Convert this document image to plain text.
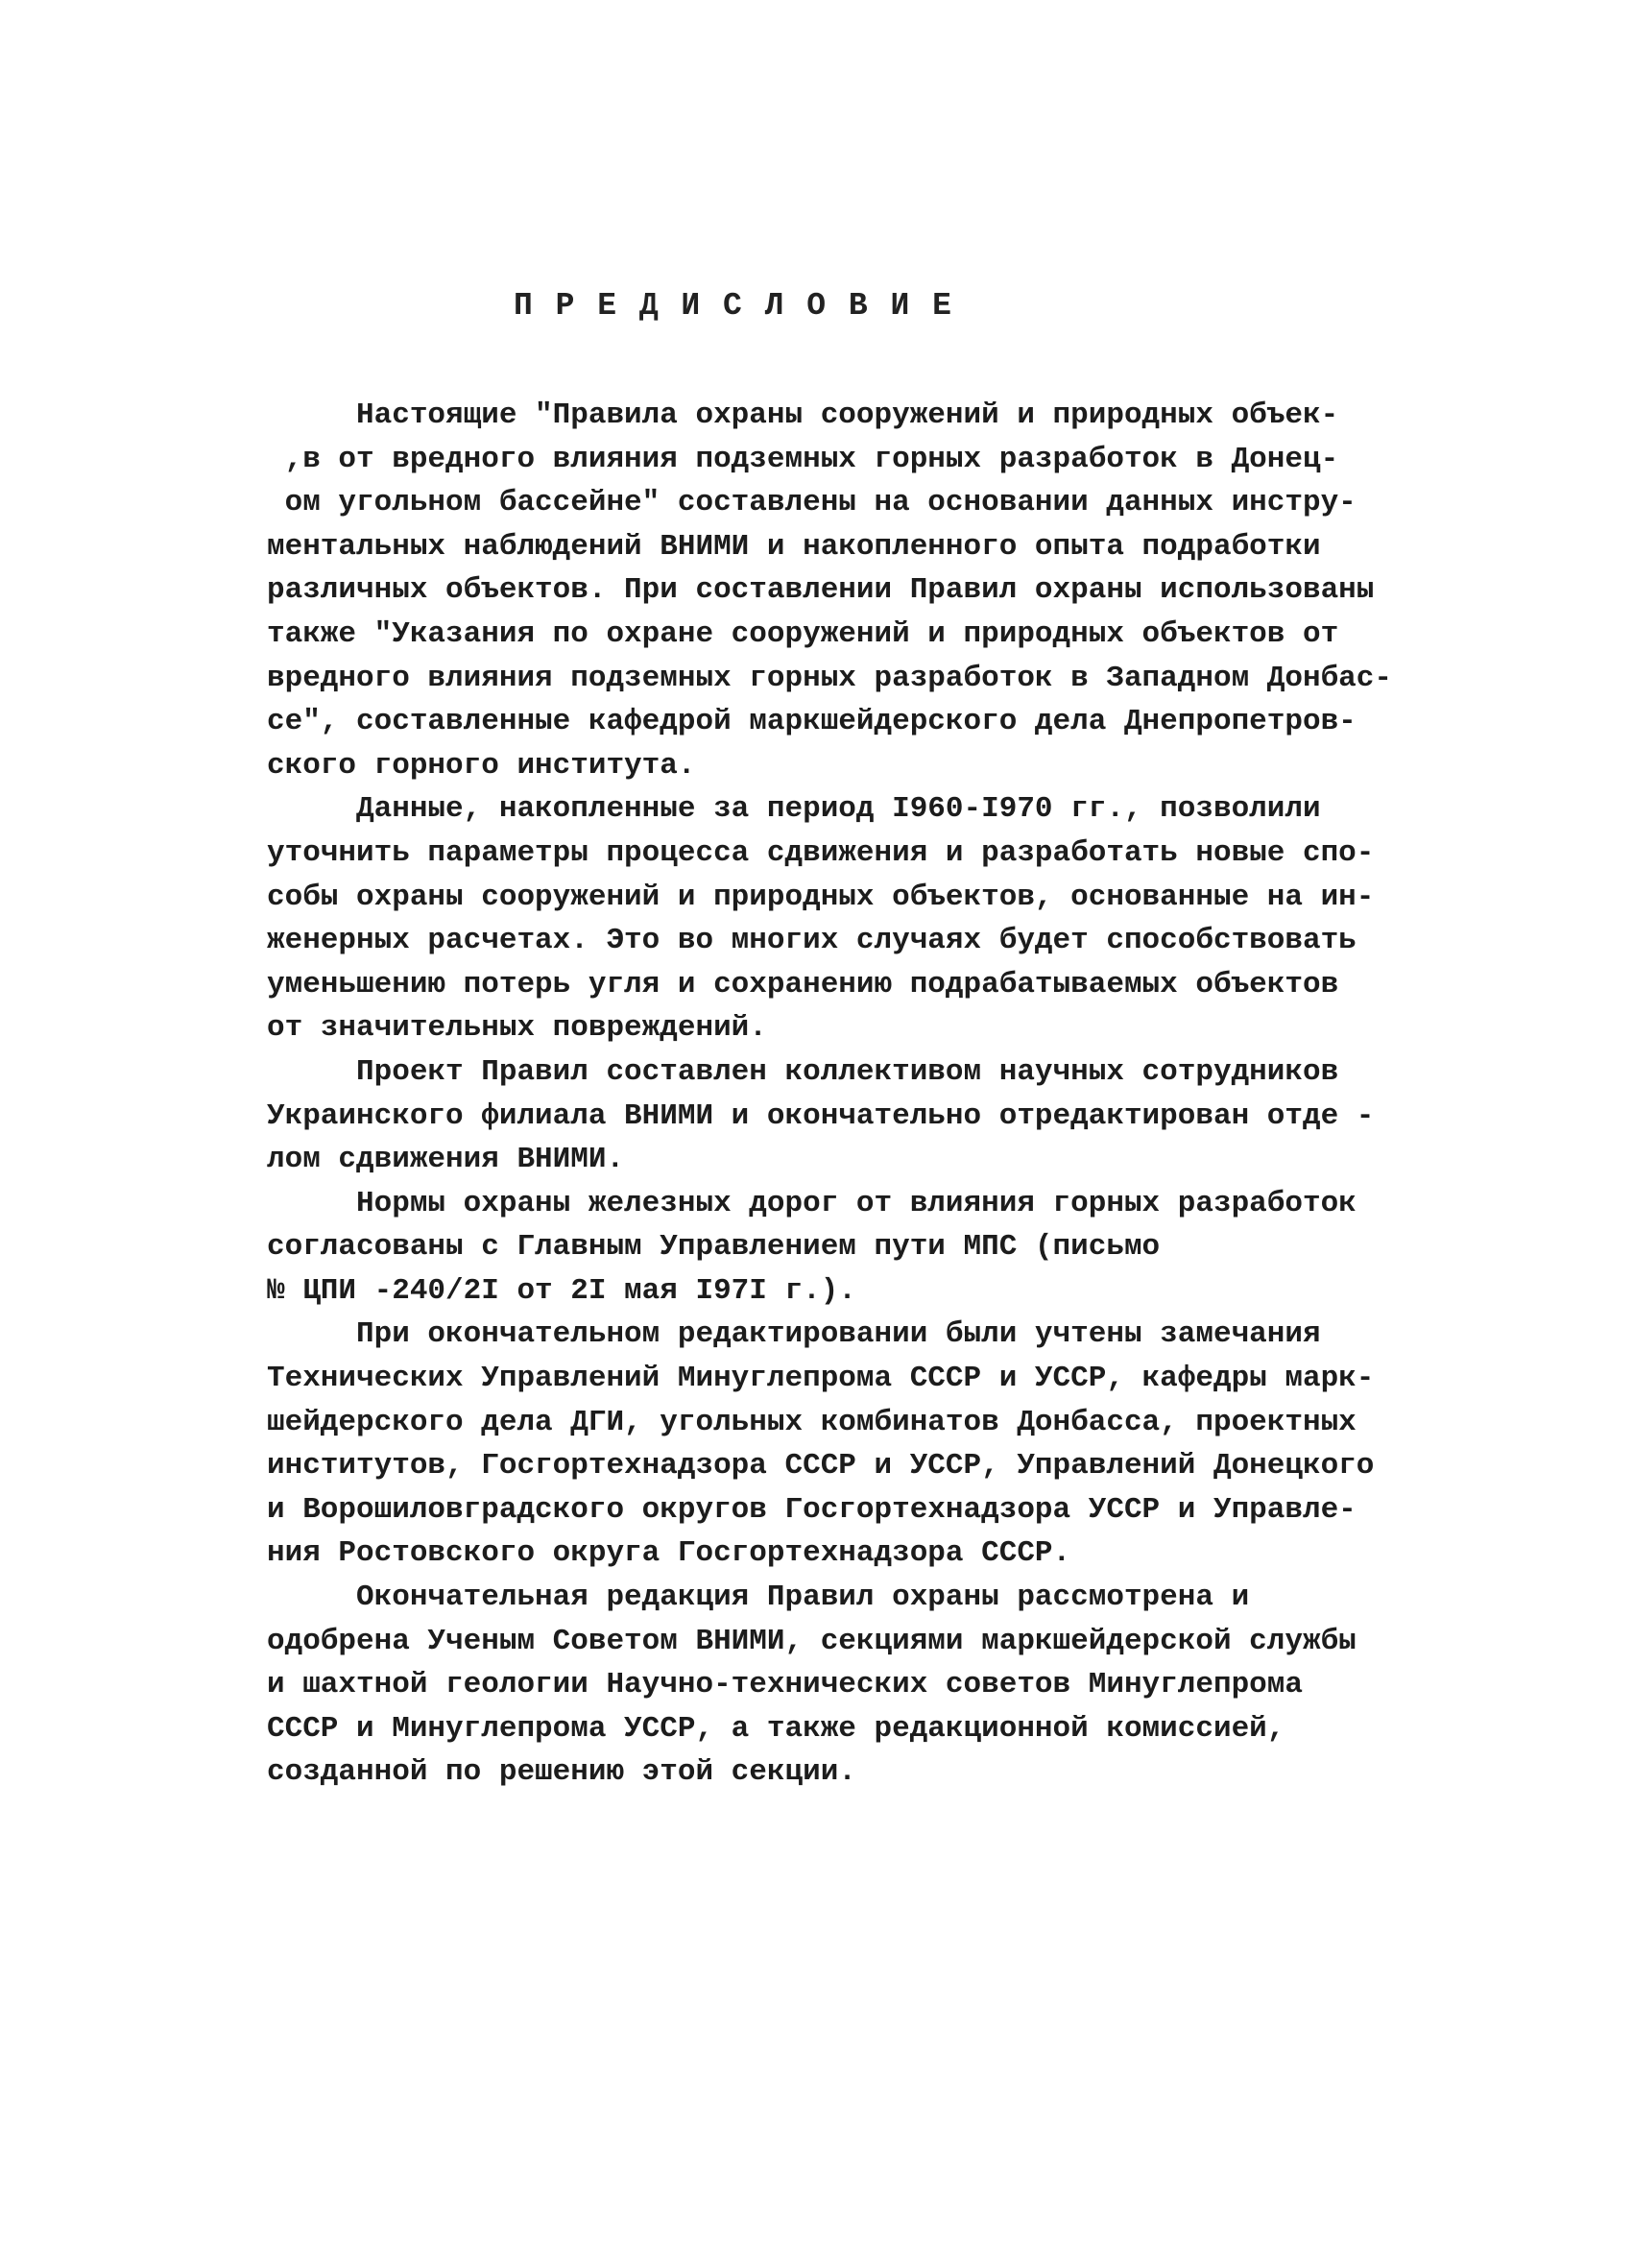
П Р Е Д И С Л О В И Е
Настоящие "Правила охраны сооружений и природных объек-
,в от вредного влияния подземных горных разработок в Донец-
ом угольном бассейне" составлены на основании данных инстру-
ментальных наблюдений ВНИМИ и накопленного опыта подработки
различных объектов. При составлении Правил охраны использованы
также "Указания по охране сооружений и природных объектов от
вредного влияния подземных горных разработок в Западном Донбас-
се", составленные кафедрой маркшейдерского дела Днепропетров-
ского горного института.
Данные, накопленные за период I960-I970 гг., позволили
уточнить параметры процесса сдвижения и разработать новые спо-
собы охраны сооружений и природных объектов, основанные на ин-
женерных расчетах. Это во многих случаях будет способствовать
уменьшению потерь угля и сохранению подрабатываемых объектов
от значительных повреждений.
Проект Правил составлен коллективом научных сотрудников
Украинского филиала ВНИМИ и окончательно отредактирован отде -
лом сдвижения ВНИМИ.
Нормы охраны железных дорог от влияния горных разработок
согласованы с Главным Управлением пути МПС (письмо
№ ЦПИ -240/2I от 2I мая I97I г.).
При окончательном редактировании были учтены замечания
Технических Управлений Минуглепрома СССР и УССР, кафедры марк-
шейдерского дела ДГИ, угольных комбинатов Донбасса, проектных
институтов, Госгортехнадзора СССР и УССР, Управлений Донецкого
и Ворошиловградского округов Госгортехнадзора УССР и Управле-
ния Ростовского округа Госгортехнадзора СССР.
Окончательная редакция Правил охраны рассмотрена и
одобрена Ученым Советом ВНИМИ, секциями маркшейдерской службы
и шахтной геологии Научно-технических советов Минуглепрома
СССР и Минуглепрома УССР, а также редакционной комиссией,
созданной по решению этой секции.
